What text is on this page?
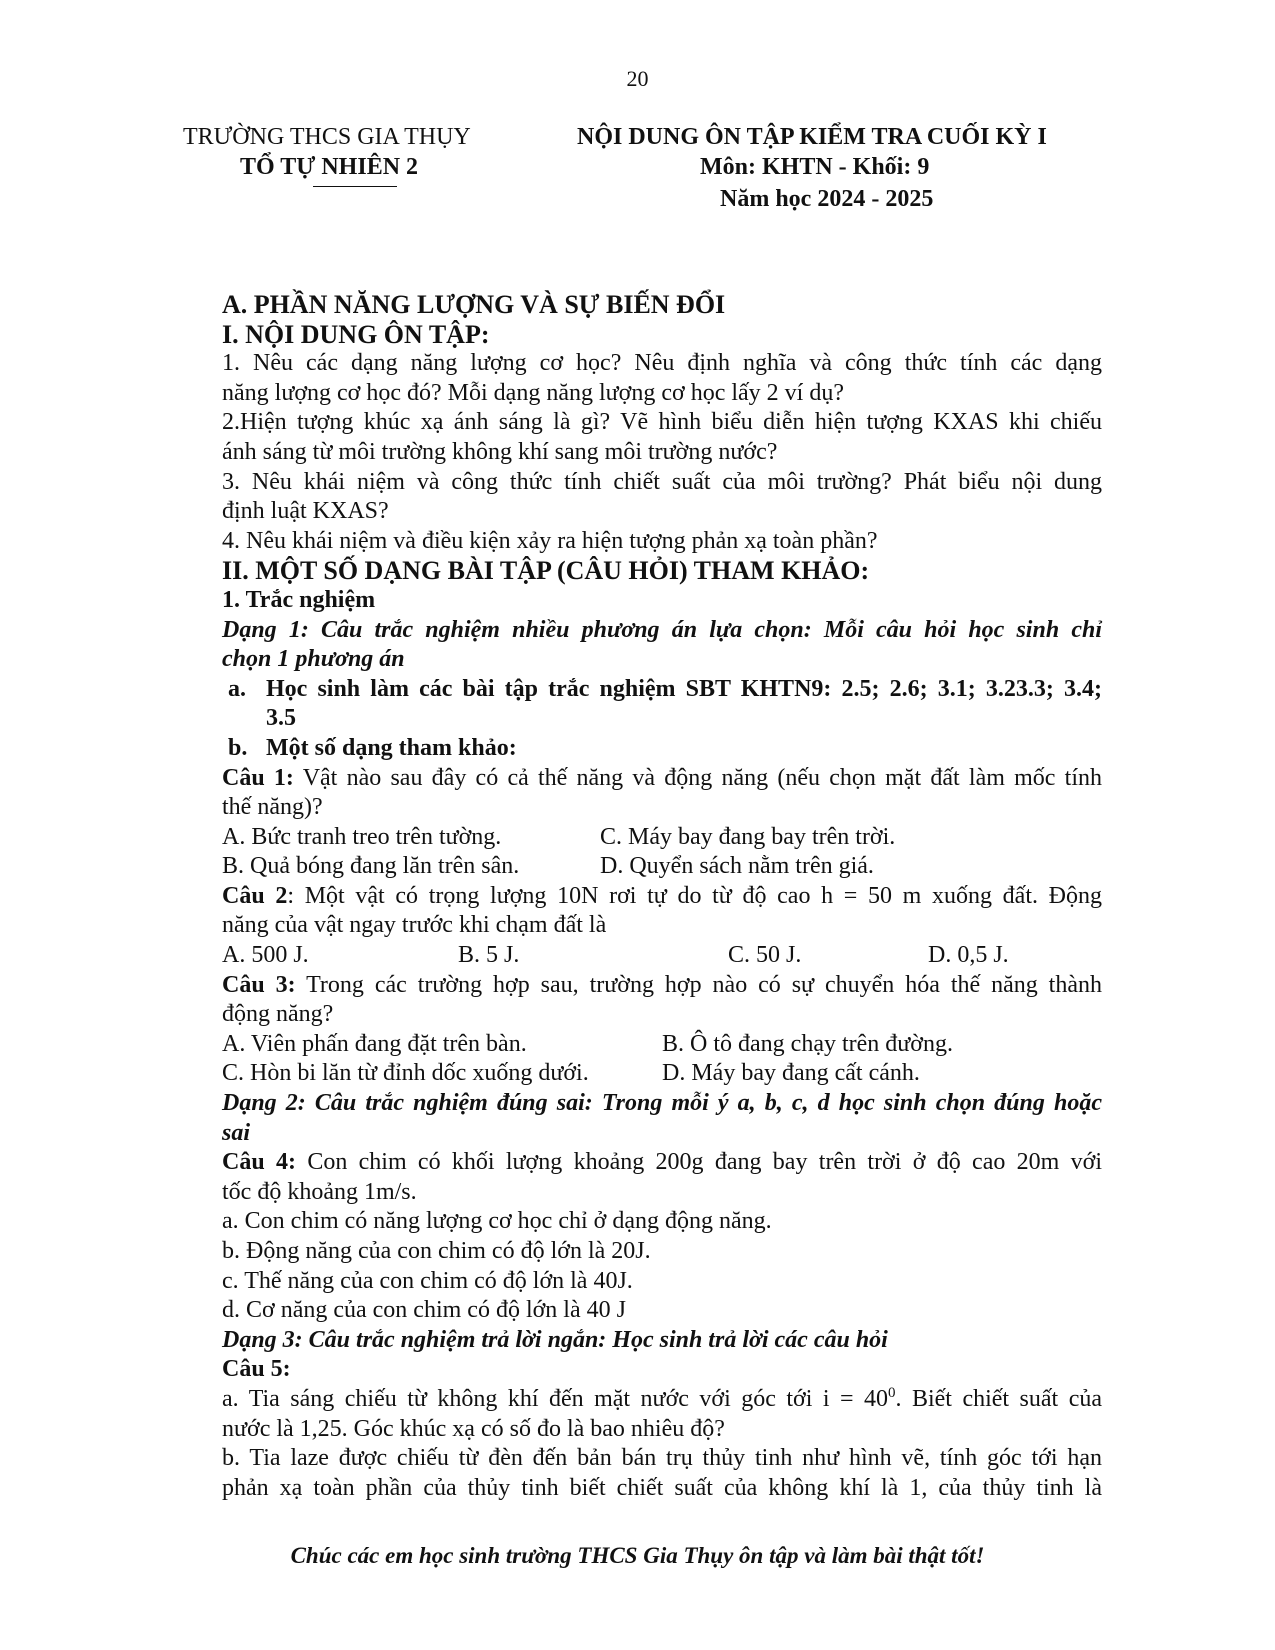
20
TRƯỜNG THCS GIA THỤY
TỔ TỰ NHIÊN 2
NỘI DUNG ÔN TẬP KIỂM TRA CUỐI KỲ I
Môn: KHTN - Khối: 9
Năm học 2024 - 2025
A. PHẦN NĂNG LƯỢNG VÀ SỰ BIẾN ĐỔI
I. NỘI DUNG ÔN TẬP:
1. Nêu các dạng năng lượng cơ học? Nêu định nghĩa và công thức tính các dạng
năng lượng cơ học đó? Mỗi dạng năng lượng cơ học lấy 2 ví dụ?
2.Hiện tượng khúc xạ ánh sáng là gì? Vẽ hình biểu diễn hiện tượng KXAS khi chiếu
ánh sáng từ môi trường không khí sang môi trường nước?
3. Nêu khái niệm và công thức tính chiết suất của môi trường? Phát biểu nội dung
định luật KXAS?
4. Nêu khái niệm và điều kiện xảy ra hiện tượng phản xạ toàn phần?
II. MỘT SỐ DẠNG BÀI TẬP (CÂU HỎI) THAM KHẢO:
1. Trắc nghiệm
Dạng 1: Câu trắc nghiệm nhiều phương án lựa chọn: Mỗi câu hỏi học sinh chỉ
chọn 1 phương án
a. Học sinh làm các bài tập trắc nghiệm SBT KHTN9: 2.5; 2.6; 3.1; 3.23.3; 3.4;
3.5
b. Một số dạng tham khảo:
Câu 1: Vật nào sau đây có cả thế năng và động năng (nếu chọn mặt đất làm mốc tính
thế năng)?
A. Bức tranh treo trên tường.	C. Máy bay đang bay trên trời.
B. Quả bóng đang lăn trên sân.	D. Quyển sách nằm trên giá.
Câu 2: Một vật có trọng lượng 10N rơi tự do từ độ cao h = 50 m xuống đất. Động
năng của vật ngay trước khi chạm đất là
A. 500 J.	B. 5 J.	C. 50 J.	D. 0,5 J.
Câu 3: Trong các trường hợp sau, trường hợp nào có sự chuyển hóa thế năng thành
động năng?
A. Viên phấn đang đặt trên bàn.	B. Ô tô đang chạy trên đường.
C. Hòn bi lăn từ đỉnh dốc xuống dưới.	D. Máy bay đang cất cánh.
Dạng 2: Câu trắc nghiệm đúng sai: Trong mỗi ý a, b, c, d học sinh chọn đúng hoặc
sai
Câu 4: Con chim có khối lượng khoảng 200g đang bay trên trời ở độ cao 20m với
tốc độ khoảng 1m/s.
a. Con chim có năng lượng cơ học chỉ ở dạng động năng.
b. Động năng của con chim có độ lớn là 20J.
c. Thế năng của con chim có độ lớn là 40J.
d. Cơ năng của con chim có độ lớn là 40 J
Dạng 3: Câu trắc nghiệm trả lời ngắn: Học sinh trả lời các câu hỏi
Câu 5:
a. Tia sáng chiếu từ không khí đến mặt nước với góc tới $i = 40^0$. Biết chiết suất của
nước là 1,25. Góc khúc xạ có số đo là bao nhiêu độ?
b. Tia laze được chiếu từ đèn đến bản bán trụ thủy tinh như hình vẽ, tính góc tới hạn
phản xạ toàn phần của thủy tinh biết chiết suất của không khí là 1, của thủy tinh là
Chúc các em học sinh trường THCS Gia Thụy ôn tập và làm bài thật tốt!
